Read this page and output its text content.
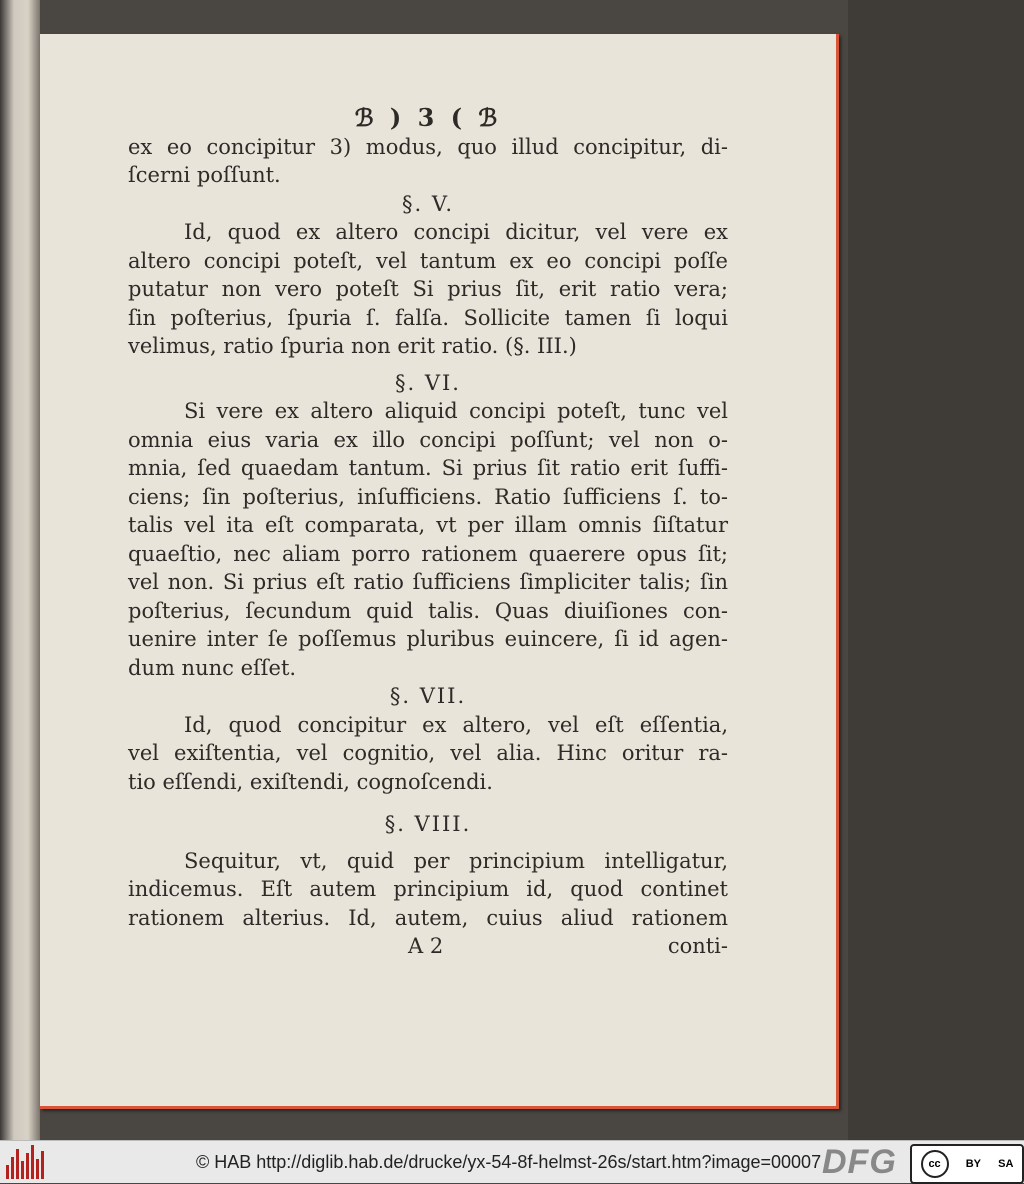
ℬ ) 3 ( ℬ
ex eo concipitur 3) modus, quo illud concipitur, di-
ſcerni poſſunt.
§. V.
Id, quod ex altero concipi dicitur, vel vere ex
altero concipi poteſt, vel tantum ex eo concipi poſſe
putatur non vero poteſt Si prius ſit, erit ratio vera;
ſin poſterius, ſpuria ſ. falſa. Sollicite tamen ſi loqui
velimus, ratio ſpuria non erit ratio. (§. III.)
§. VI.
Si vere ex altero aliquid concipi poteſt, tunc vel
omnia eius varia ex illo concipi poſſunt; vel non o-
mnia, ſed quaedam tantum. Si prius ſit ratio erit ſuffi-
ciens; ſin poſterius, inſufficiens. Ratio ſufficiens ſ. to-
talis vel ita eſt comparata, vt per illam omnis ſiſtatur
quaeſtio, nec aliam porro rationem quaerere opus ſit;
vel non. Si prius eſt ratio ſufficiens ſimpliciter talis; ſin
poſterius, ſecundum quid talis. Quas diuiſiones con-
uenire inter ſe poſſemus pluribus euincere, ſi id agen-
dum nunc eſſet.
§. VII.
Id, quod concipitur ex altero, vel eſt eſſentia,
vel exiſtentia, vel cognitio, vel alia. Hinc oritur ra-
tio eſſendi, exiſtendi, cognoſcendi.
§. VIII.
Sequitur, vt, quid per principium intelligatur,
indicemus. Eſt autem principium id, quod continet
rationem alterius. Id, autem, cuius aliud rationem
A 2	conti-
© HAB http://diglib.hab.de/drucke/yx-54-8f-helmst-26s/start.htm?image=00007 DFG	cc	BY SA
